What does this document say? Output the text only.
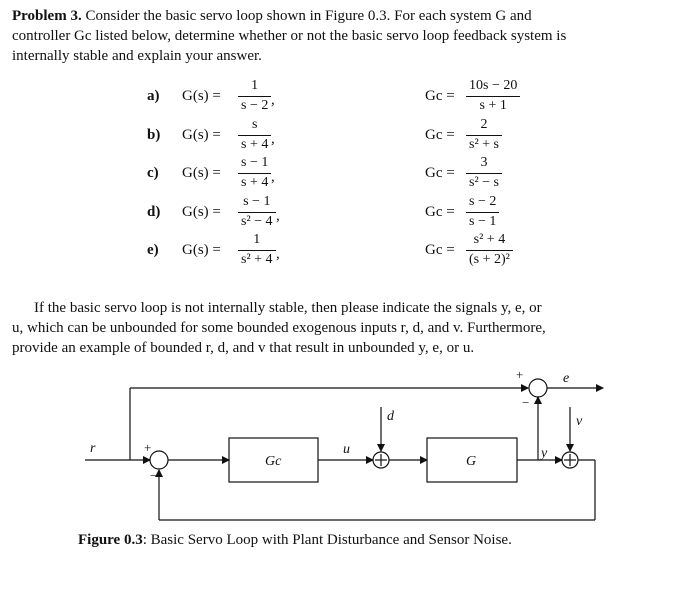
Problem 3. Consider the basic servo loop shown in Figure 0.3. For each system G and
controller Gc listed below, determine whether or not the basic servo loop feedback system is
internally stable and explain your answer.
a) G(s) =
1
s − 2
Gc =
10s − 20
s + 1
,
b) G(s) =
s
s + 4
Gc =
2
s² + s
,
c) G(s) =
s − 1
s + 4
Gc =
3
s² − s
,
d) G(s) =
s − 1
s² − 4
Gc =
s − 2
s − 1
,
e) G(s) =
1
s² + 4
Gc =
s² + 4
(s + 2)²
,
If the basic servo loop is not internally stable, then please indicate the signals y, e, or
u, which can be unbounded for some bounded exogenous inputs r, d, and v. Furthermore,
provide an example of bounded r, d, and v that result in unbounded y, e, or u.
Gc	G
r	u
d
y
v
e
+
−
+
−
Figure 0.3: Basic Servo Loop with Plant Disturbance and Sensor Noise.
